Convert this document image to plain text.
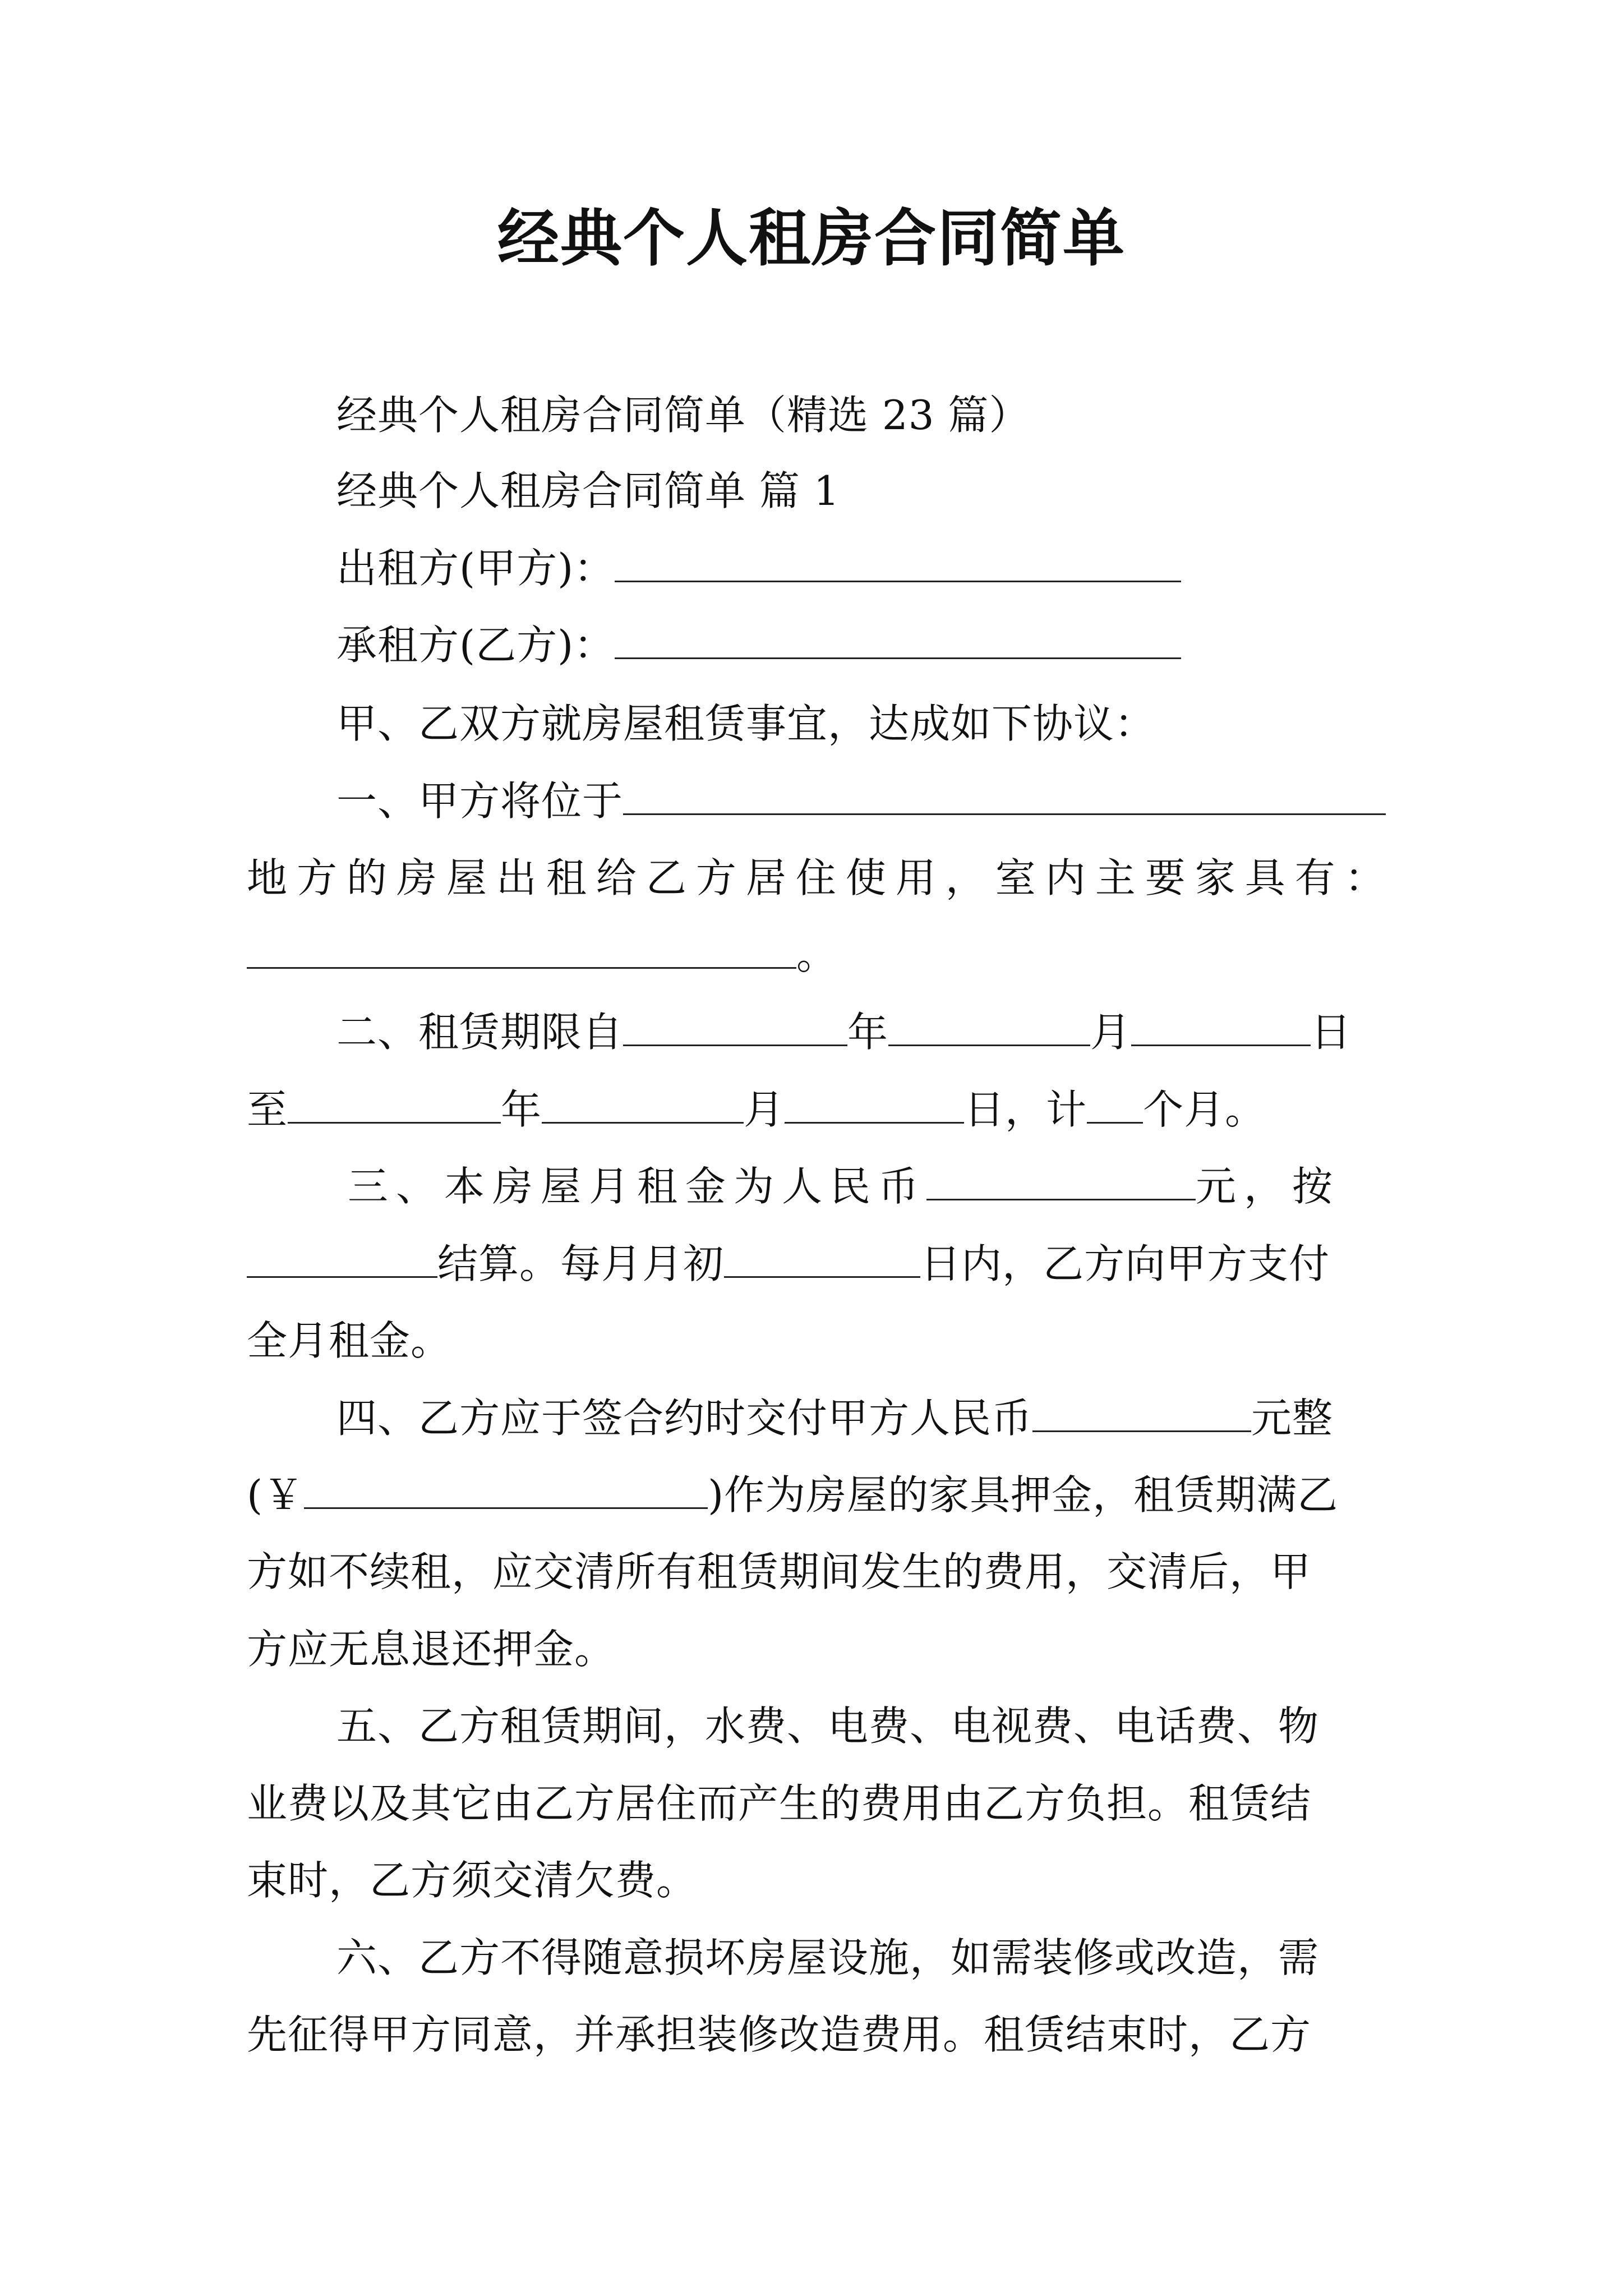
经典个人租房合同简单
经典个人租房合同简单（精选 23 篇）
经典个人租房合同简单 篇 1
出租方(甲方)：
承租方(乙方)：
甲、乙双方就房屋租赁事宜，达成如下协议：
一、甲方将位于
地 方 的 房 屋 出 租 给 乙 方 居 住 使 用 ， 室 内 主 要 家 具 有 ：
。
二、租赁期限自	年	月	日
至	年	月	日，计 个月。
三、本房屋月租金为人民币	元，按
结算。每月月初	日内，乙方向甲方支付
全月租金。
四、乙方应于签合约时交付甲方人民币	元整
(￥	)作为房屋的家具押金，租赁期满乙
方如不续租，应交清所有租赁期间发生的费用，交清后，甲
方应无息退还押金。
五、乙方租赁期间，水费、电费、电视费、电话费、物
业费以及其它由乙方居住而产生的费用由乙方负担。租赁结
束时，乙方须交清欠费。
六、乙方不得随意损坏房屋设施，如需装修或改造，需
先征得甲方同意，并承担装修改造费用。租赁结束时，乙方
